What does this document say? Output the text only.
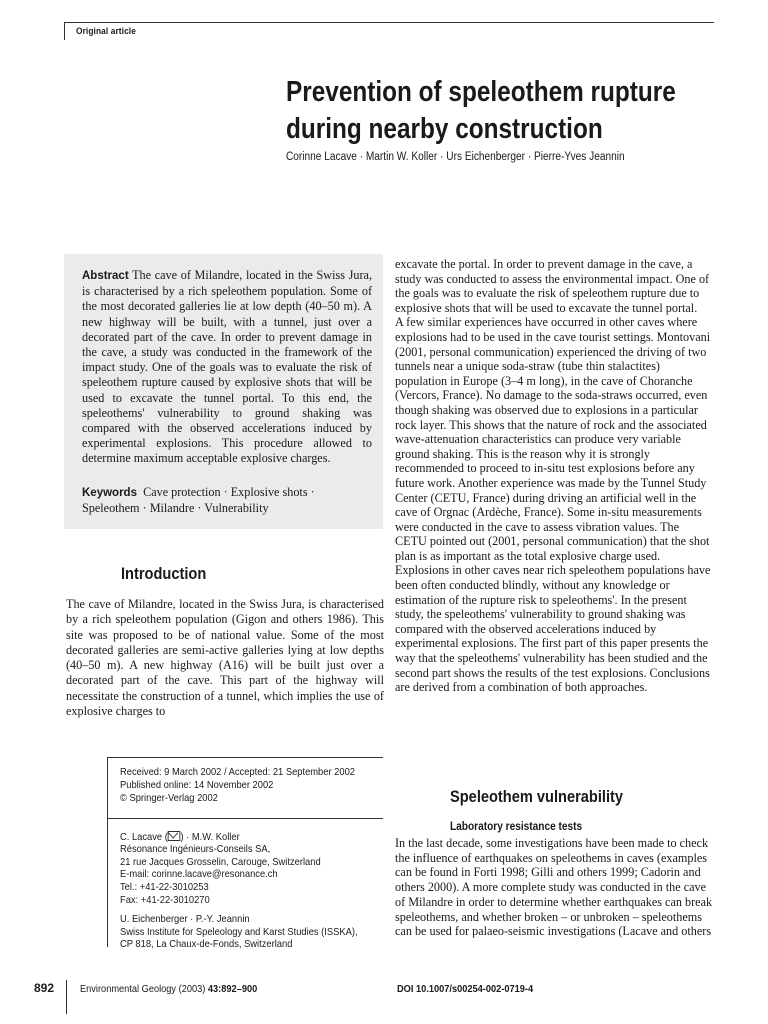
Original article
Prevention of speleothem rupture
during nearby construction
Corinne Lacave · Martin W. Koller · Urs Eichenberger · Pierre-Yves Jeannin
Abstract The cave of Milandre, located in the Swiss Jura, is characterised by a rich speleothem population. Some of the most decorated galleries lie at low depth (40–50 m). A new highway will be built, with a tunnel, just over a decorated part of the cave. In order to prevent damage in the cave, a study was conducted in the framework of the impact study. One of the goals was to evaluate the risk of speleothem rupture caused by explosive shots that will be used to excavate the tunnel portal. To this end, the speleothems' vulnerability to ground shaking was compared with the observed accelerations induced by experimental explosions. This procedure allowed to determine maximum acceptable explosive charges.
Keywords Cave protection · Explosive shots · Speleothem · Milandre · Vulnerability
Introduction
The cave of Milandre, located in the Swiss Jura, is characterised by a rich speleothem population (Gigon and others 1986). This site was proposed to be of national value. Some of the most decorated galleries are semi-active galleries lying at low depths (40–50 m). A new highway (A16) will be built just over a decorated part of the cave. This part of the highway will necessitate the construction of a tunnel, which implies the use of explosive charges to

excavate the portal. In order to prevent damage in the cave, a study was conducted to assess the environmental impact. One of the goals was to evaluate the risk of speleothem rupture due to explosive shots that will be used to excavate the tunnel portal.

A few similar experiences have occurred in other caves where explosions had to be used in the cave tourist settings. Montovani (2001, personal communication) experienced the driving of two tunnels near a unique soda-straw (tube thin stalactites) population in Europe (3–4 m long), in the cave of Choranche (Vercors, France). No damage to the soda-straws occurred, even though shaking was observed due to explosions in a particular rock layer. This shows that the nature of rock and the associated wave-attenuation characteristics can produce very variable ground shaking. This is the reason why it is strongly recommended to proceed to in-situ test explosions before any future work. Another experience was made by the Tunnel Study Center (CETU, France) during driving an artificial well in the cave of Orgnac (Ardèche, France). Some in-situ measurements were conducted in the cave to assess vibration values. The CETU pointed out (2001, personal communication) that the shot plan is as important as the total explosive charge used.

Explosions in other caves near rich speleothem populations have been often conducted blindly, without any knowledge or estimation of the rupture risk to speleothems'. In the present study, the speleothems' vulnerability to ground shaking was compared with the observed accelerations induced by experimental explosions. The first part of this paper presents the way that the speleothems' vulnerability has been studied and the second part shows the results of the test explosions. Conclusions are derived from a combination of both approaches.

Speleothem vulnerability
Laboratory resistance tests
In the last decade, some investigations have been made to check the influence of earthquakes on speleothems in caves (examples can be found in Forti 1998; Gilli and others 1999; Cadorin and others 2000). A more complete study was conducted in the cave of Milandre in order to determine whether earthquakes can break speleothems, and whether broken – or unbroken – speleothems can be used for palaeo-seismic investigations (Lacave and others
Received: 9 March 2002 / Accepted: 21 September 2002
Published online: 14 November 2002
© Springer-Verlag 2002
C. Lacave ( ) · M.W. Koller
Résonance Ingénieurs-Conseils SA,
21 rue Jacques Grosselin, Carouge, Switzerland
E-mail: corinne.lacave@resonance.ch
Tel.: +41-22-3010253
Fax: +41-22-3010270
U. Eichenberger · P.-Y. Jeannin
Swiss Institute for Speleology and Karst Studies (ISSKA),
CP 818, La Chaux-de-Fonds, Switzerland
892 Environmental Geology (2003) 43:892–900	DOI 10.1007/s00254-002-0719-4
